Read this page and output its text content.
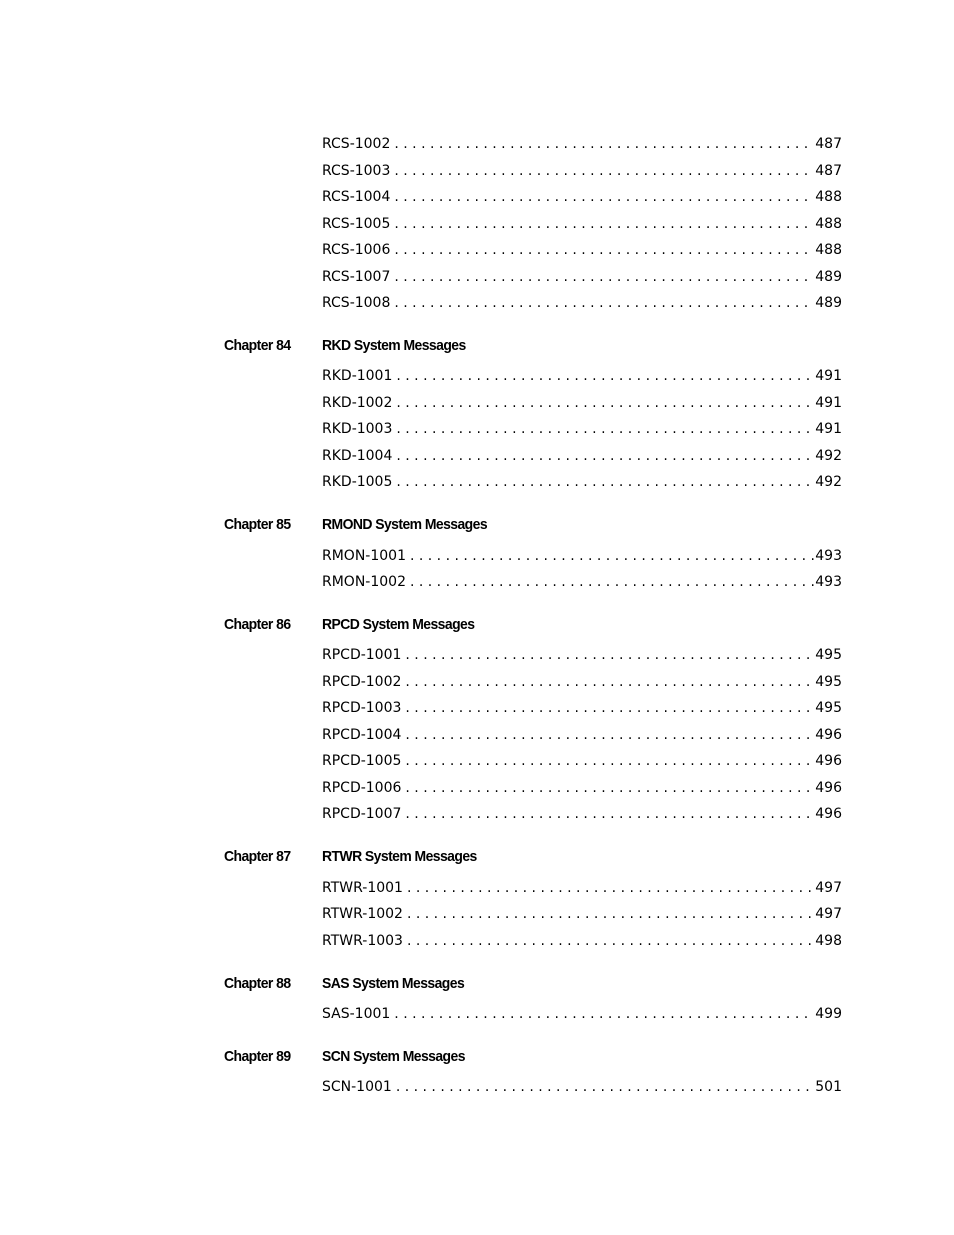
RCS-1002 . . .	487
RCS-1003 . . .	487
RCS-1004 . . .	488
RCS-1005 . . .	488
RCS-1006 . . .	488
RCS-1007 . . .	489
RCS-1008 . . .	489
Chapter 84 RKD System Messages
RKD-1001 . . .	491
RKD-1002 . . .	491
RKD-1003 . . .	491
RKD-1004 . . .	492
RKD-1005 . . .	492
Chapter 85 RMOND System Messages
RMON-1001 . . .	493
RMON-1002 . . .	493
Chapter 86 RPCD System Messages
RPCD-1001 . . .	495
RPCD-1002 . . .	495
RPCD-1003 . . .	495
RPCD-1004 . . .	496
RPCD-1005 . . .	496
RPCD-1006 . . .	496
RPCD-1007 . . .	496
Chapter 87 RTWR System Messages
RTWR-1001 . . .	497
RTWR-1002 . . .	497
RTWR-1003 . . .	498
Chapter 88 SAS System Messages
SAS-1001 . . .	499
Chapter 89 SCN System Messages
SCN-1001 . . .	501
